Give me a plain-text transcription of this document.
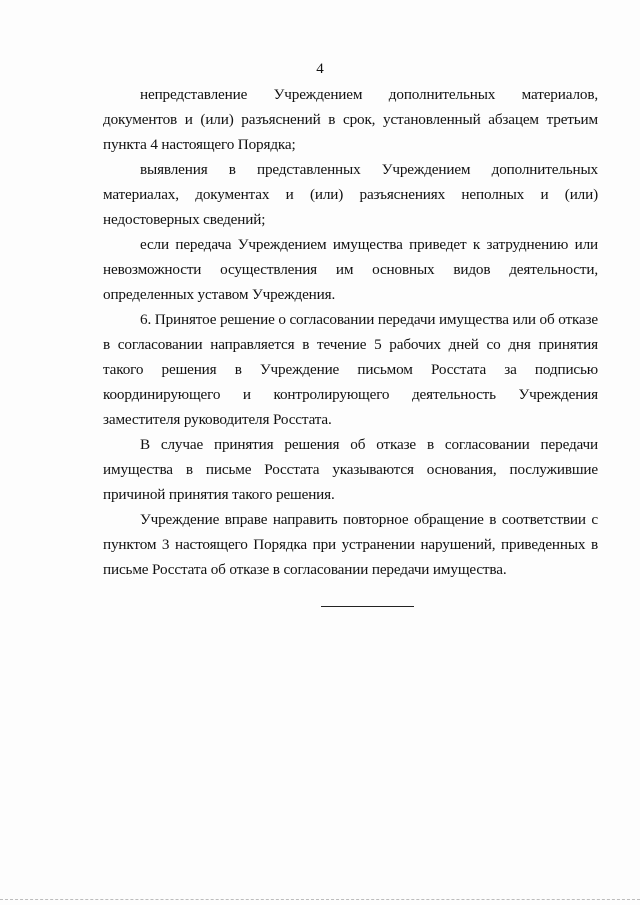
4

непредставление Учреждением дополнительных материалов, документов и (или) разъяснений в срок, установленный абзацем третьим пункта 4 настоящего Порядка;

выявления в представленных Учреждением дополнительных материалах, документах и (или) разъяснениях неполных и (или) недостоверных сведений;

если передача Учреждением имущества приведет к затруднению или невозможности осуществления им основных видов деятельности, определенных уставом Учреждения.

6. Принятое решение о согласовании передачи имущества или об отказе в согласовании направляется в течение 5 рабочих дней со дня принятия такого решения в Учреждение письмом Росстата за подписью координирующего и контролирующего деятельность Учреждения заместителя руководителя Росстата.

В случае принятия решения об отказе в согласовании передачи имущества в письме Росстата указываются основания, послужившие причиной принятия такого решения.

Учреждение вправе направить повторное обращение в соответствии с пунктом 3 настоящего Порядка при устранении нарушений, приведенных в письме Росстата об отказе в согласовании передачи имущества.
